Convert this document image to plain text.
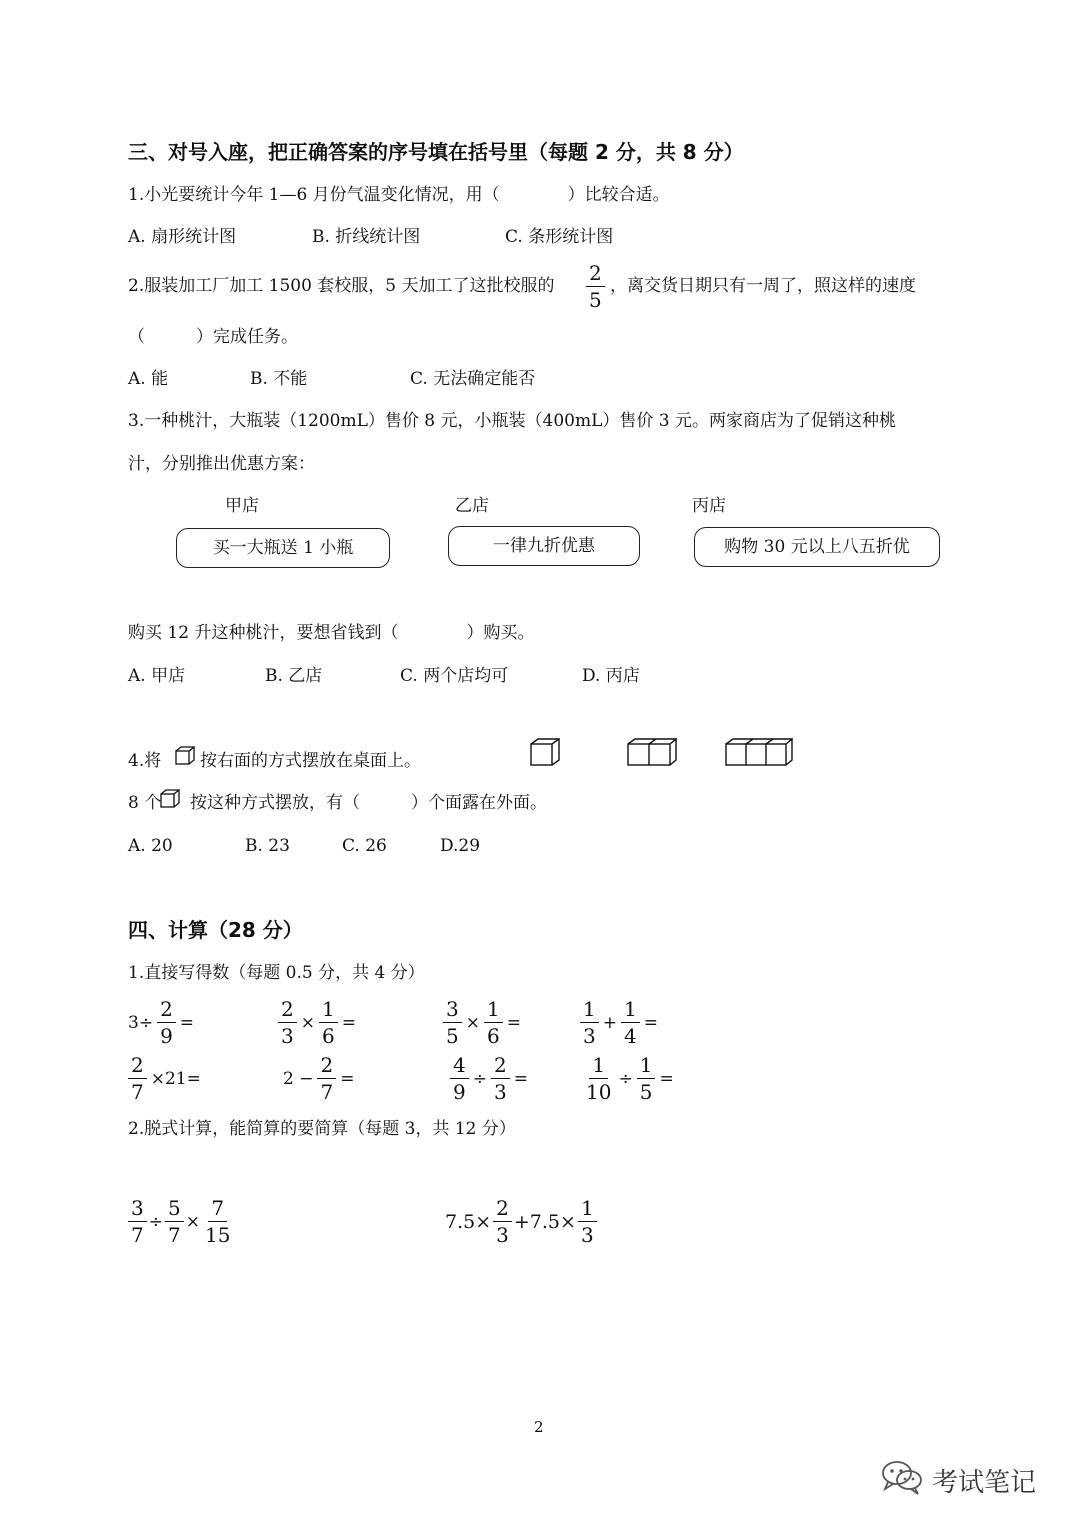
三、对号入座，把正确答案的序号填在括号里（每题 2 分，共 8 分）
1.小光要统计今年 1—6 月份气温变化情况，用（　　　　）比较合适。
A. 扇形统计图	B. 折线统计图	C. 条形统计图
2.服装加工厂加工 1500 套校服，5 天加工了这批校服的 $\frac{2}{5}$ ，离交货日期只有一周了，照这样的速度
（　　　）完成任务。
A. 能	B. 不能	C. 无法确定能否
3.一种桃汁，大瓶装（1200mL）售价 8 元，小瓶装（400mL）售价 3 元。两家商店为了促销这种桃
汁，分别推出优惠方案：
甲店	乙店	丙店
买一大瓶送 1 小瓶	一律九折优惠	购物 30 元以上八五折优
购买 12 升这种桃汁，要想省钱到（　　　　）购买。
A. 甲店	B. 乙店	C. 两个店均可	D. 丙店
4.将 按右面的方式摆放在桌面上。
8 个 按这种方式摆放，有（　　　）个面露在外面。
A. 20	B. 23	C. 26	D.29
四、计算（28 分）
1.直接写得数（每题 0.5 分，共 4 分）
$3\div \frac{2}{9}$ =	$\frac{2}{3} \times \frac{1}{6}$ =	$\frac{3}{5} \times \frac{1}{6}$ =	$\frac{1}{3} + \frac{1}{4}$ =
$\frac{2}{7} \times 21=$	$2 - \frac{2}{7}$ =	$\frac{4}{9} \div \frac{2}{3}$ =	$\frac{1}{10} \div \frac{1}{5}$ =
2.脱式计算，能简算的要简算（每题 3，共 12 分）
$\frac{3}{7} \div \frac{5}{7} \times \frac{7}{15}$	$7.5\times \frac{2}{3} +7.5\times \frac{1}{3}$
2
考试笔记
